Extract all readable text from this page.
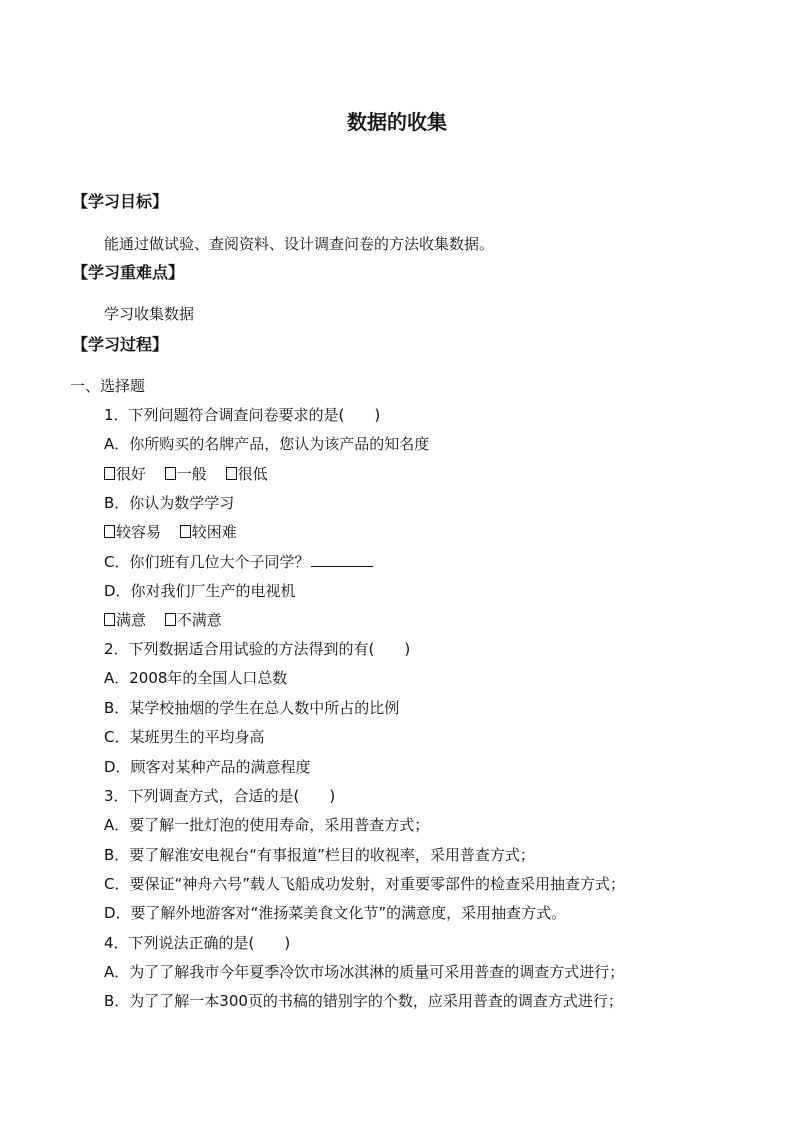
数据的收集
【学习目标】
能通过做试验、查阅资料、设计调查问卷的方法收集数据。
【学习重难点】
学习收集数据
【学习过程】
一、选择题
1．下列问题符合调查问卷要求的是(　　)
A．你所购买的名牌产品，您认为该产品的知名度
很好 一般 很低
B．你认为数学学习
较容易 较困难
C．你们班有几位大个子同学？
D．你对我们厂生产的电视机
满意 不满意
2．下列数据适合用试验的方法得到的有(　　)
A．2008年的全国人口总数
B．某学校抽烟的学生在总人数中所占的比例
C．某班男生的平均身高
D．顾客对某种产品的满意程度
3．下列调查方式，合适的是(　　)
A．要了解一批灯泡的使用寿命，采用普查方式；
B．要了解淮安电视台“有事报道”栏目的收视率，采用普查方式；
C．要保证“神舟六号”载人飞船成功发射，对重要零部件的检查采用抽查方式；
D．要了解外地游客对“淮扬菜美食文化节”的满意度，采用抽查方式。
4．下列说法正确的是(　　)
A．为了了解我市今年夏季冷饮市场冰淇淋的质量可采用普查的调查方式进行；
B．为了了解一本300页的书稿的错别字的个数，应采用普查的调查方式进行；
